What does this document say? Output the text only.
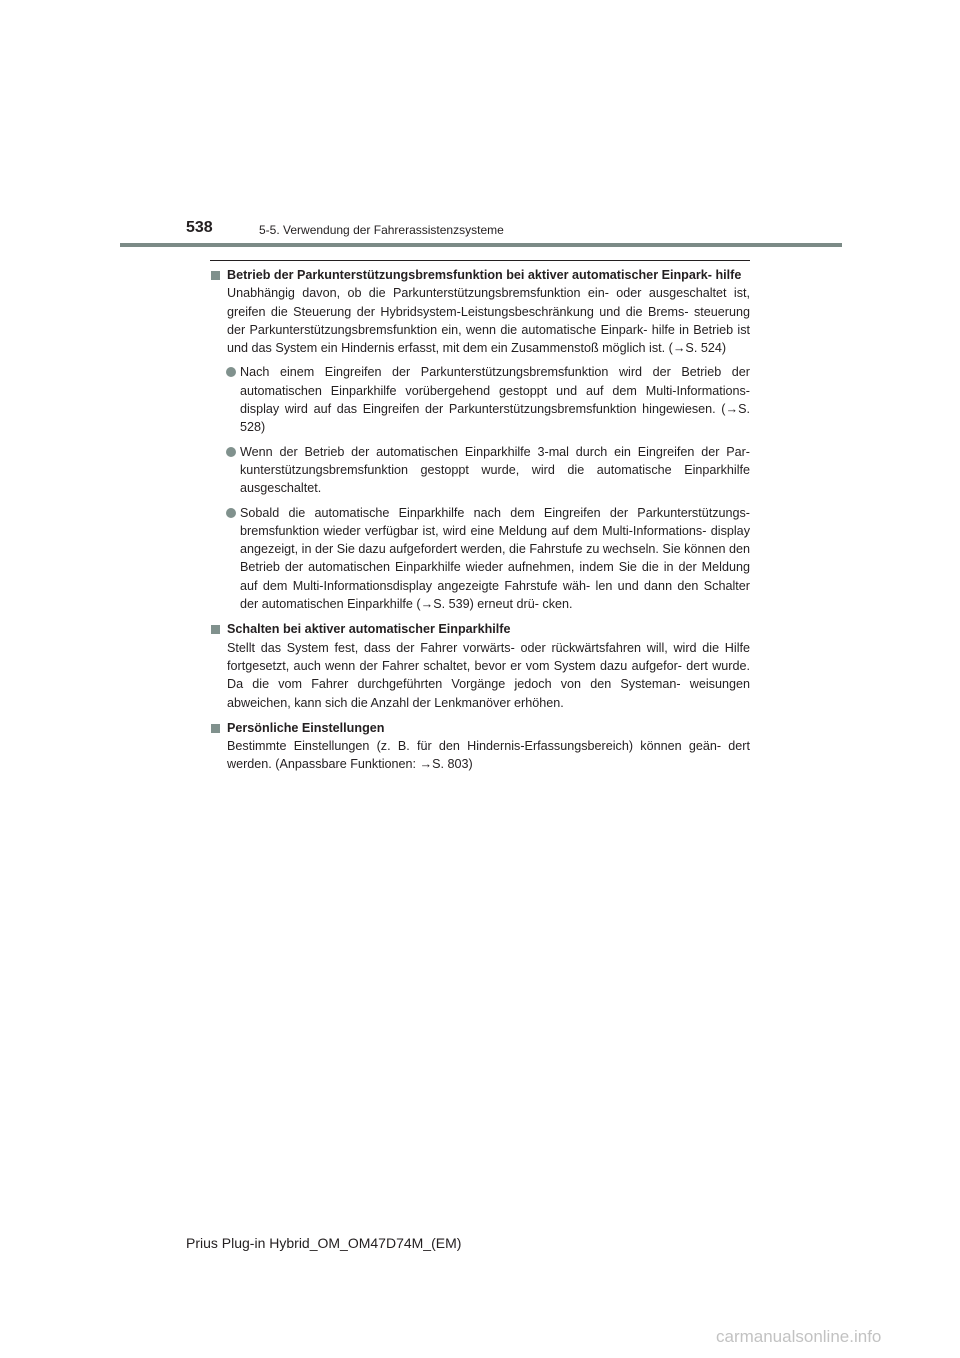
538	5-5. Verwendung der Fahrerassistenzsysteme
Betrieb der Parkunterstützungsbremsfunktion bei aktiver automatischer Einpark- hilfe
Unabhängig davon, ob die Parkunterstützungsbremsfunktion ein- oder ausgeschaltet ist, greifen die Steuerung der Hybridsystem-Leistungsbeschränkung und die Brems- steuerung der Parkunterstützungsbremsfunktion ein, wenn die automatische Einpark- hilfe in Betrieb ist und das System ein Hindernis erfasst, mit dem ein Zusammenstoß möglich ist. (→S. 524)
Nach einem Eingreifen der Parkunterstützungsbremsfunktion wird der Betrieb der automatischen Einparkhilfe vorübergehend gestoppt und auf dem Multi-Informations- display wird auf das Eingreifen der Parkunterstützungsbremsfunktion hingewiesen. (→S. 528)
Wenn der Betrieb der automatischen Einparkhilfe 3-mal durch ein Eingreifen der Par- kunterstützungsbremsfunktion gestoppt wurde, wird die automatische Einparkhilfe ausgeschaltet.
Sobald die automatische Einparkhilfe nach dem Eingreifen der Parkunterstützungs- bremsfunktion wieder verfügbar ist, wird eine Meldung auf dem Multi-Informations- display angezeigt, in der Sie dazu aufgefordert werden, die Fahrstufe zu wechseln. Sie können den Betrieb der automatischen Einparkhilfe wieder aufnehmen, indem Sie die in der Meldung auf dem Multi-Informationsdisplay angezeigte Fahrstufe wäh- len und dann den Schalter der automatischen Einparkhilfe (→S. 539) erneut drü- cken.
Schalten bei aktiver automatischer Einparkhilfe
Stellt das System fest, dass der Fahrer vorwärts- oder rückwärtsfahren will, wird die Hilfe fortgesetzt, auch wenn der Fahrer schaltet, bevor er vom System dazu aufgefor- dert wurde. Da die vom Fahrer durchgeführten Vorgänge jedoch von den Systeman- weisungen abweichen, kann sich die Anzahl der Lenkmanöver erhöhen.
Persönliche Einstellungen
Bestimmte Einstellungen (z. B. für den Hindernis-Erfassungsbereich) können geän- dert werden. (Anpassbare Funktionen: →S. 803)
Prius Plug-in Hybrid_OM_OM47D74M_(EM)
carmanualsonline.info
